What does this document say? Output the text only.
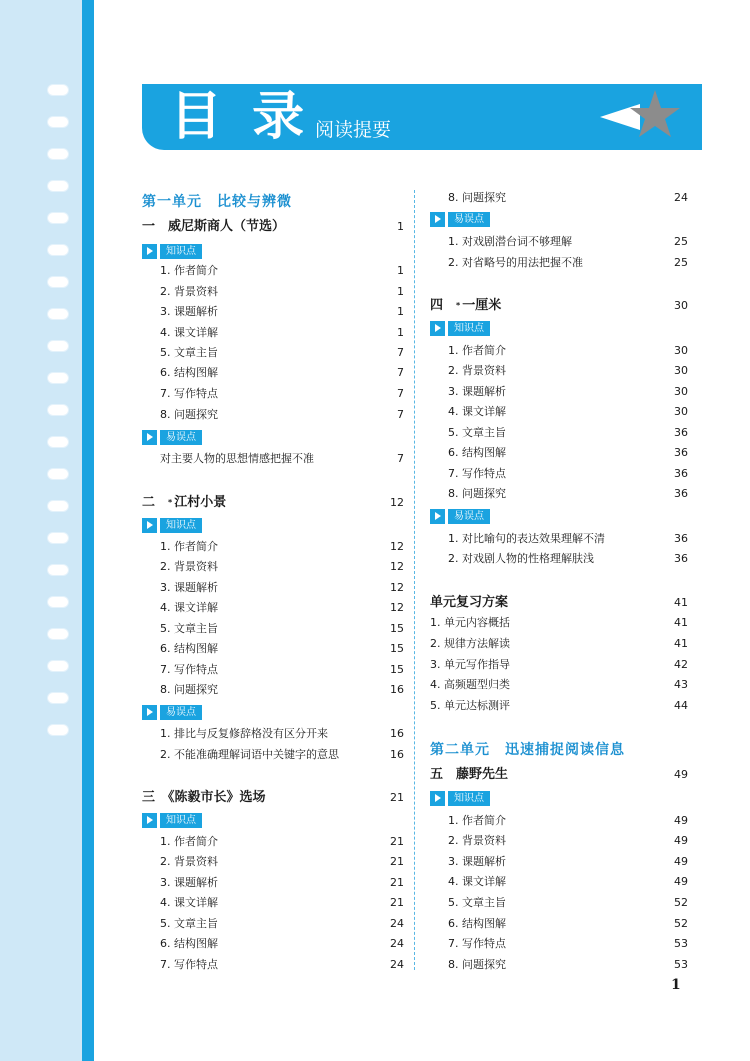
目 录 阅读提要
第一单元　比较与辨微
一　威尼斯商人（节选）	1
知识点
1. 作者简介	1
2. 背景资料	1
3. 课题解析	1
4. 课文详解	1
5. 文章主旨	7
6. 结构图解	7
7. 写作特点	7
8. 问题探究	7
易误点
对主要人物的思想情感把握不准	7
二　 * 江村小景	12
知识点
1. 作者简介	12
2. 背景资料	12
3. 课题解析	12
4. 课文详解	12
5. 文章主旨	15
6. 结构图解	15
7. 写作特点	15
8. 问题探究	16
易误点
1. 排比与反复修辞格没有区分开来	16
2. 不能准确理解词语中关键字的意思	16
三　《陈毅市长》选场	21
知识点
1. 作者简介	21
2. 背景资料	21
3. 课题解析	21
4. 课文详解	21
5. 文章主旨	24
6. 结构图解	24
7. 写作特点	24
8. 问题探究	24
易误点
1. 对戏剧潜台词不够理解	25
2. 对省略号的用法把握不准	25
四　 * 一厘米	30
知识点
1. 作者简介	30
2. 背景资料	30
3. 课题解析	30
4. 课文详解	30
5. 文章主旨	36
6. 结构图解	36
7. 写作特点	36
8. 问题探究	36
易误点
1. 对比喻句的表达效果理解不清	36
2. 对戏剧人物的性格理解肤浅	36
单元复习方案	41
1. 单元内容概括	41
2. 规律方法解读	41
3. 单元写作指导	42
4. 高频题型归类	43
5. 单元达标测评	44
第二单元　迅速捕捉阅读信息
五　藤野先生	49
知识点
1. 作者简介	49
2. 背景资料	49
3. 课题解析	49
4. 课文详解	49
5. 文章主旨	52
6. 结构图解	52
7. 写作特点	53
8. 问题探究	53
1
